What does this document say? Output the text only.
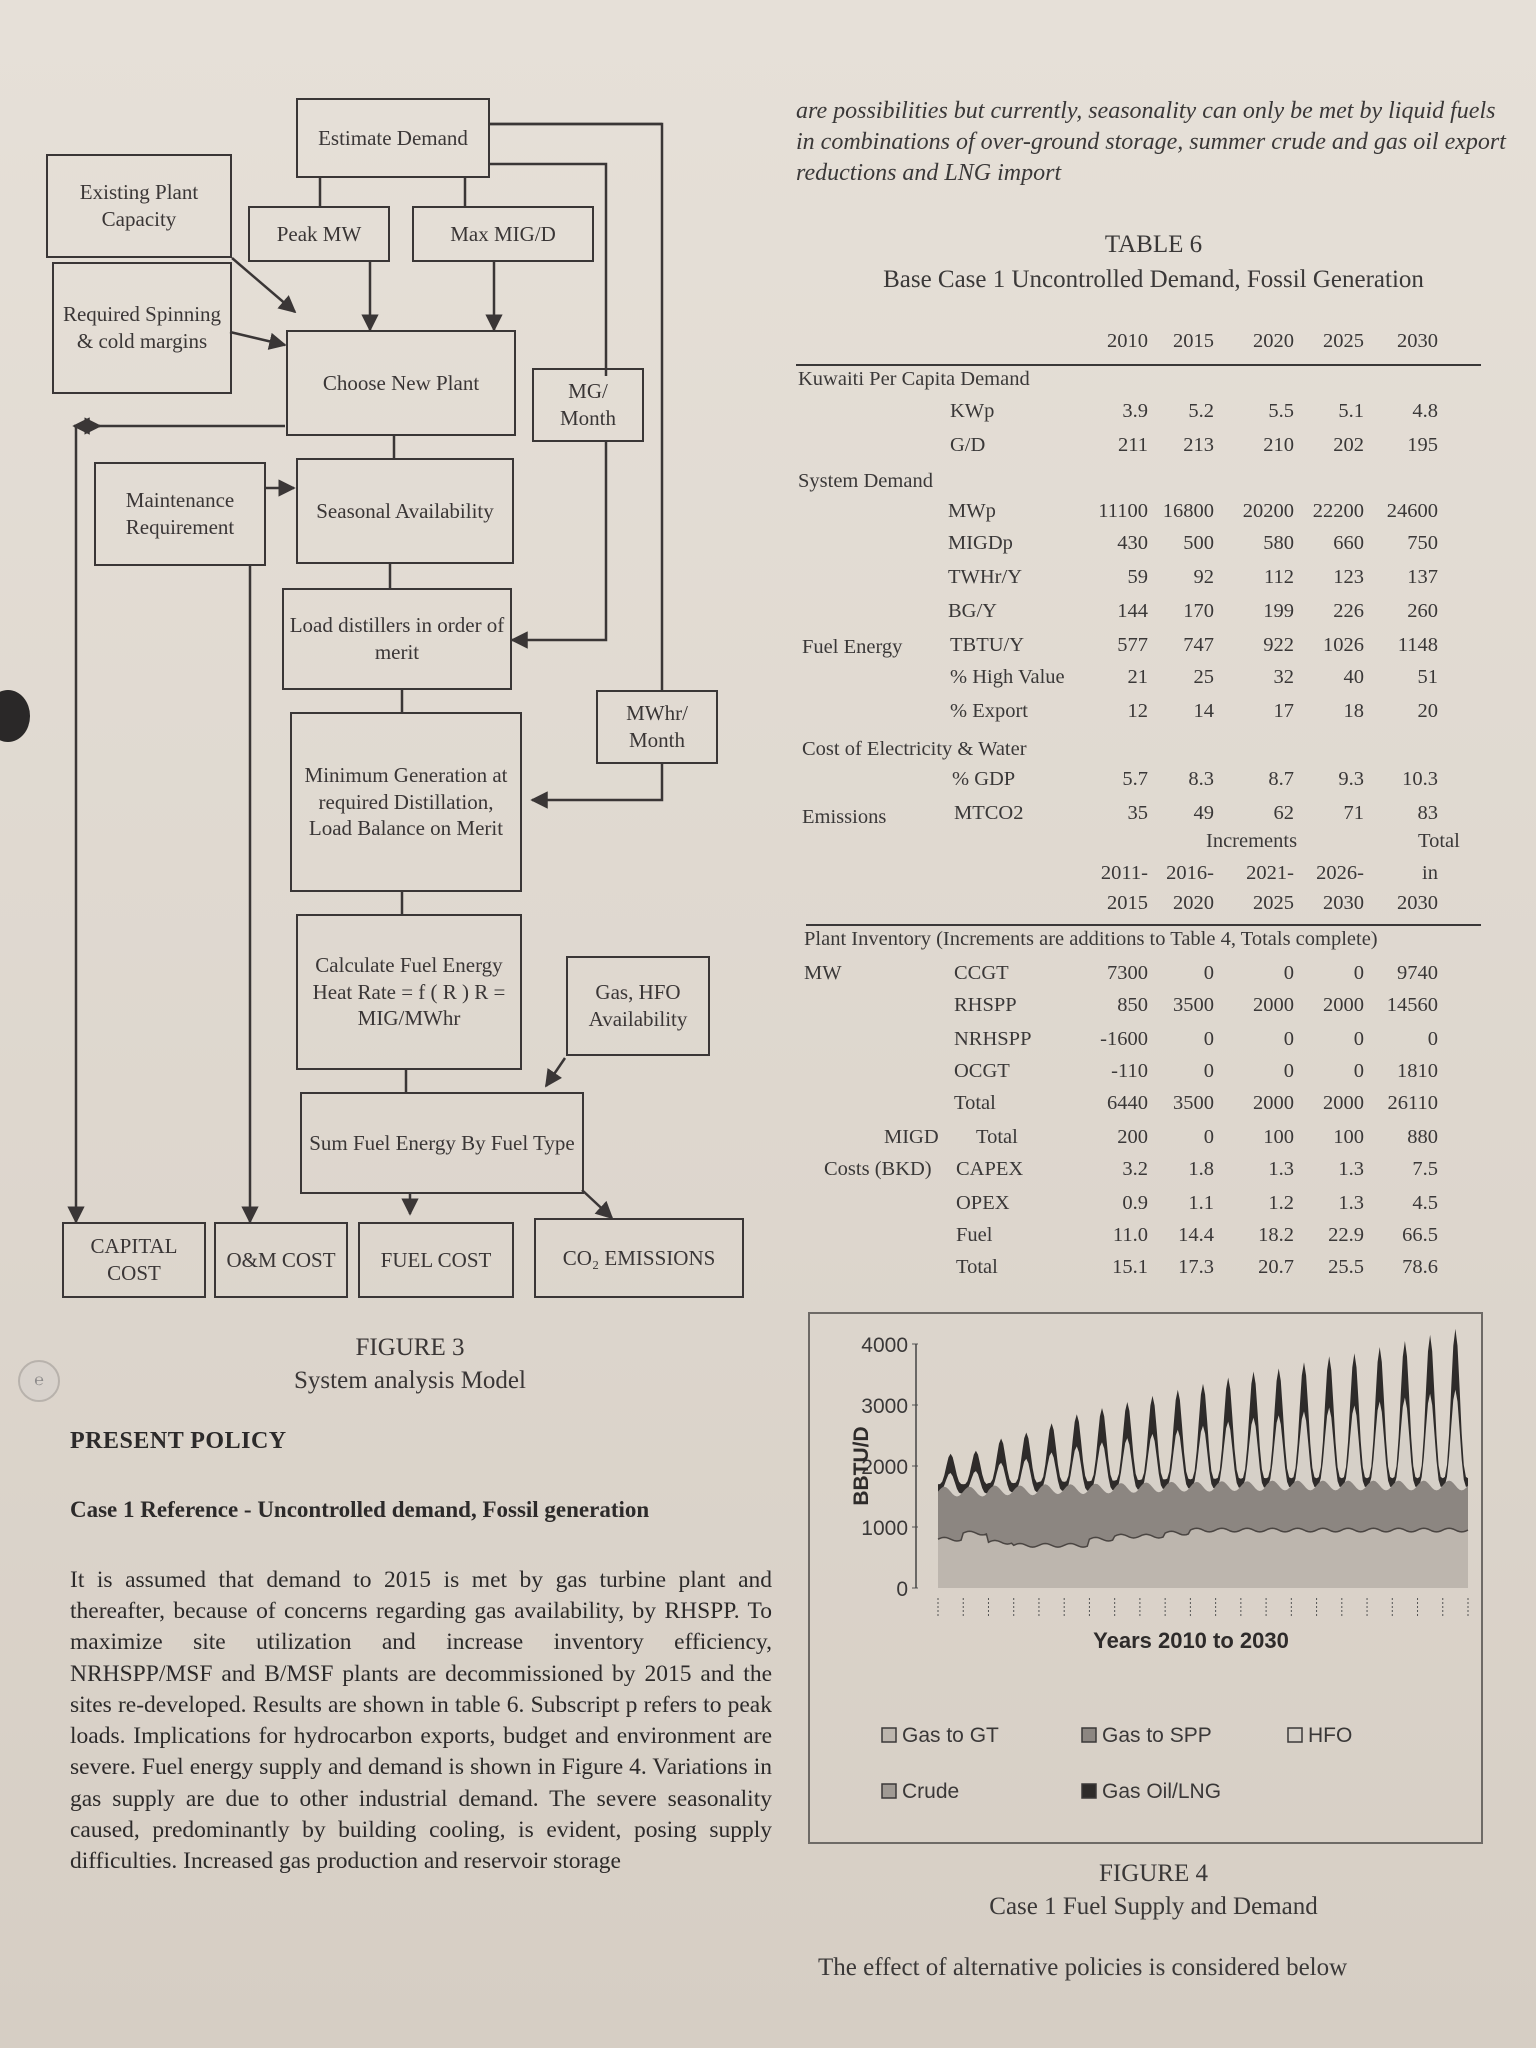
℮
Estimate Demand
Existing Plant Capacity
Peak MW	Max MIG/D
Required Spinning & cold margins
Choose New Plant	MG/ Month
Maintenance Requirement
Seasonal Availability
Load distillers in order of merit
MWhr/ Month
Minimum Generation at required Distillation, Load Balance on Merit
Calculate Fuel Energy Heat Rate = f ( R ) R = MIG/MWhr
Gas, HFO Availability
Sum Fuel Energy By Fuel Type
CAPITAL COST
O&M COST FUEL COST	CO₂ EMISSIONS
FIGURE 3
System analysis Model
PRESENT POLICY
Case 1 Reference - Uncontrolled demand, Fossil generation

It is assumed that demand to 2015 is met by gas turbine plant and thereafter, because of concerns regarding gas availability, by RHSPP. To maximize site utilization and increase inventory efficiency, NRHSPP/MSF and B/MSF plants are decommissioned by 2015 and the sites re-developed. Results are shown in table 6. Subscript p refers to peak loads. Implications for hydrocarbon exports, budget and environment are severe. Fuel energy supply and demand is shown in Figure 4. Variations in gas supply are due to other industrial demand. The severe seasonality caused, predominantly by building cooling, is evident, posing supply difficulties. Increased gas production and reservoir storage

are possibilities but currently, seasonality can only be met by liquid fuels in combinations of over-ground storage, summer crude and gas oil export reductions and LNG import
TABLE 6
Base Case 1 Uncontrolled Demand, Fossil Generation
2010	2015	2020	2025	2030
Kuwaiti Per Capita Demand
System Demand
Fuel Energy
Cost of Electricity & Water
Emissions
KWp	3.9	5.2	5.5	5.1	4.8
G/D	211	213	210	202	195
MWp	11100 16800	20200 22200	24600
MIGDp	430	500	580	660	750
TWHr/Y	59	92	112	123	137
BG/Y	144	170	199	226	260
TBTU/Y	577	747	922	1026	1148
% High Value	21	25	32	40	51
% Export	12	14	17	18	20
% GDP	5.7	8.3	8.7	9.3	10.3
MTCO2	35	49	62	71	83
Increments	Total
2011- 2016-	2021-	2026-	in
2015	2020	2025	2030	2030
Plant Inventory (Increments are additions to Table 4, Totals complete)
MW
MIGD
Costs (BKD)
CCGT	7300	0	0	0	9740
RHSPP	850	3500	2000	2000	14560
NRHSPP	-1600	0	0	0	0
OCGT	-110	0	0	0	1810
Total	6440	3500	2000	2000	26110
Total	200	0	100	100	880
CAPEX	3.2	1.8	1.3	1.3	7.5
OPEX	0.9	1.1	1.2	1.3	4.5
Fuel	11.0	14.4	18.2	22.9	66.5
Total	15.1	17.3	20.7	25.5	78.6
4000
3000
2000
1000
0
BBTU/D
Years 2010 to 2030
Gas to GT	Gas to SPP	HFO
Crude	Gas Oil/LNG
FIGURE 4
Case 1 Fuel Supply and Demand
The effect of alternative policies is considered below
